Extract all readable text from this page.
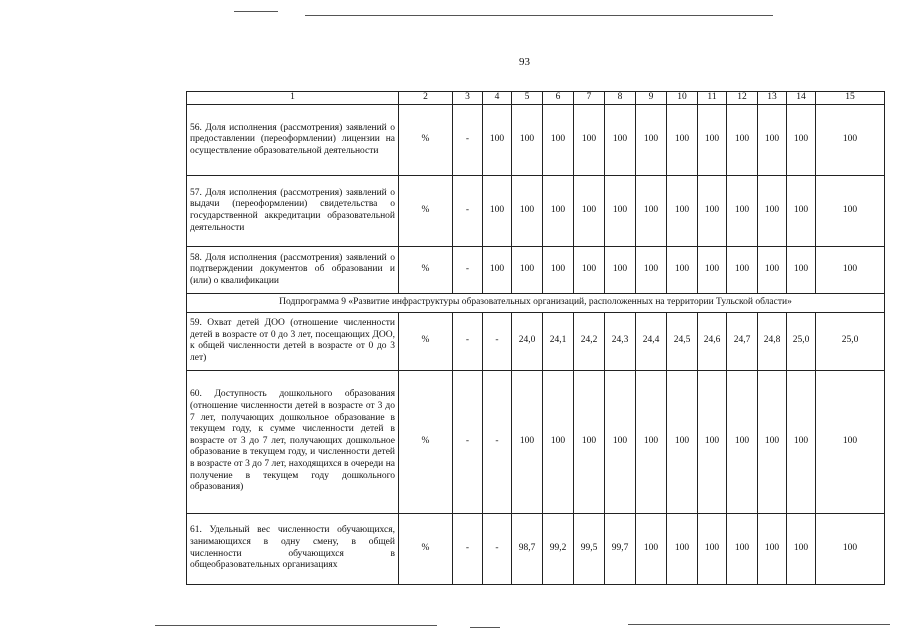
93
1	2	3	4	5	6	7	8	9	10	11	12	13	14	15
56. Доля исполнения (рассмотрения) заявлений о предоставлении (переоформлении) лицензии на осуществление образовательной деятельности	%	-	100	100	100	100	100	100	100	100	100	100	100	100
57. Доля исполнения (рассмотрения) заявлений о выдачи (переоформлении) свидетельства о государственной аккредитации образовательной деятельности	%	-	100	100	100	100	100	100	100	100	100	100	100	100
58. Доля исполнения (рассмотрения) заявлений о подтверждении документов об образовании и (или) о квалификации	%	-	100	100	100	100	100	100	100	100	100	100	100	100
Подпрограмма 9 «Развитие инфраструктуры образовательных организаций, расположенных на территории Тульской области»														
59. Охват детей ДОО (отношение численности детей в возрасте от 0 до 3 лет, посещающих ДОО, к общей численности детей в возрасте от 0 до 3 лет)	%	-	-	24,0	24,1	24,2	24,3	24,4	24,5	24,6	24,7	24,8	25,0	25,0
60. Доступность дошкольного образования (отношение численности детей в возрасте от 3 до 7 лет, получающих дошкольное образование в текущем году, к сумме численности детей в возрасте от 3 до 7 лет, получающих дошкольное образование в текущем году, и численности детей в возрасте от 3 до 7 лет, находящихся в очереди на получение в текущем году дошкольного образования)	%	-	-	100	100	100	100	100	100	100	100	100	100	100
61. Удельный вес численности обучающихся, занимающихся в одну смену, в общей численности обучающихся в общеобразовательных организациях	%	-	-	98,7	99,2	99,5	99,7	100	100	100	100	100	100	100
